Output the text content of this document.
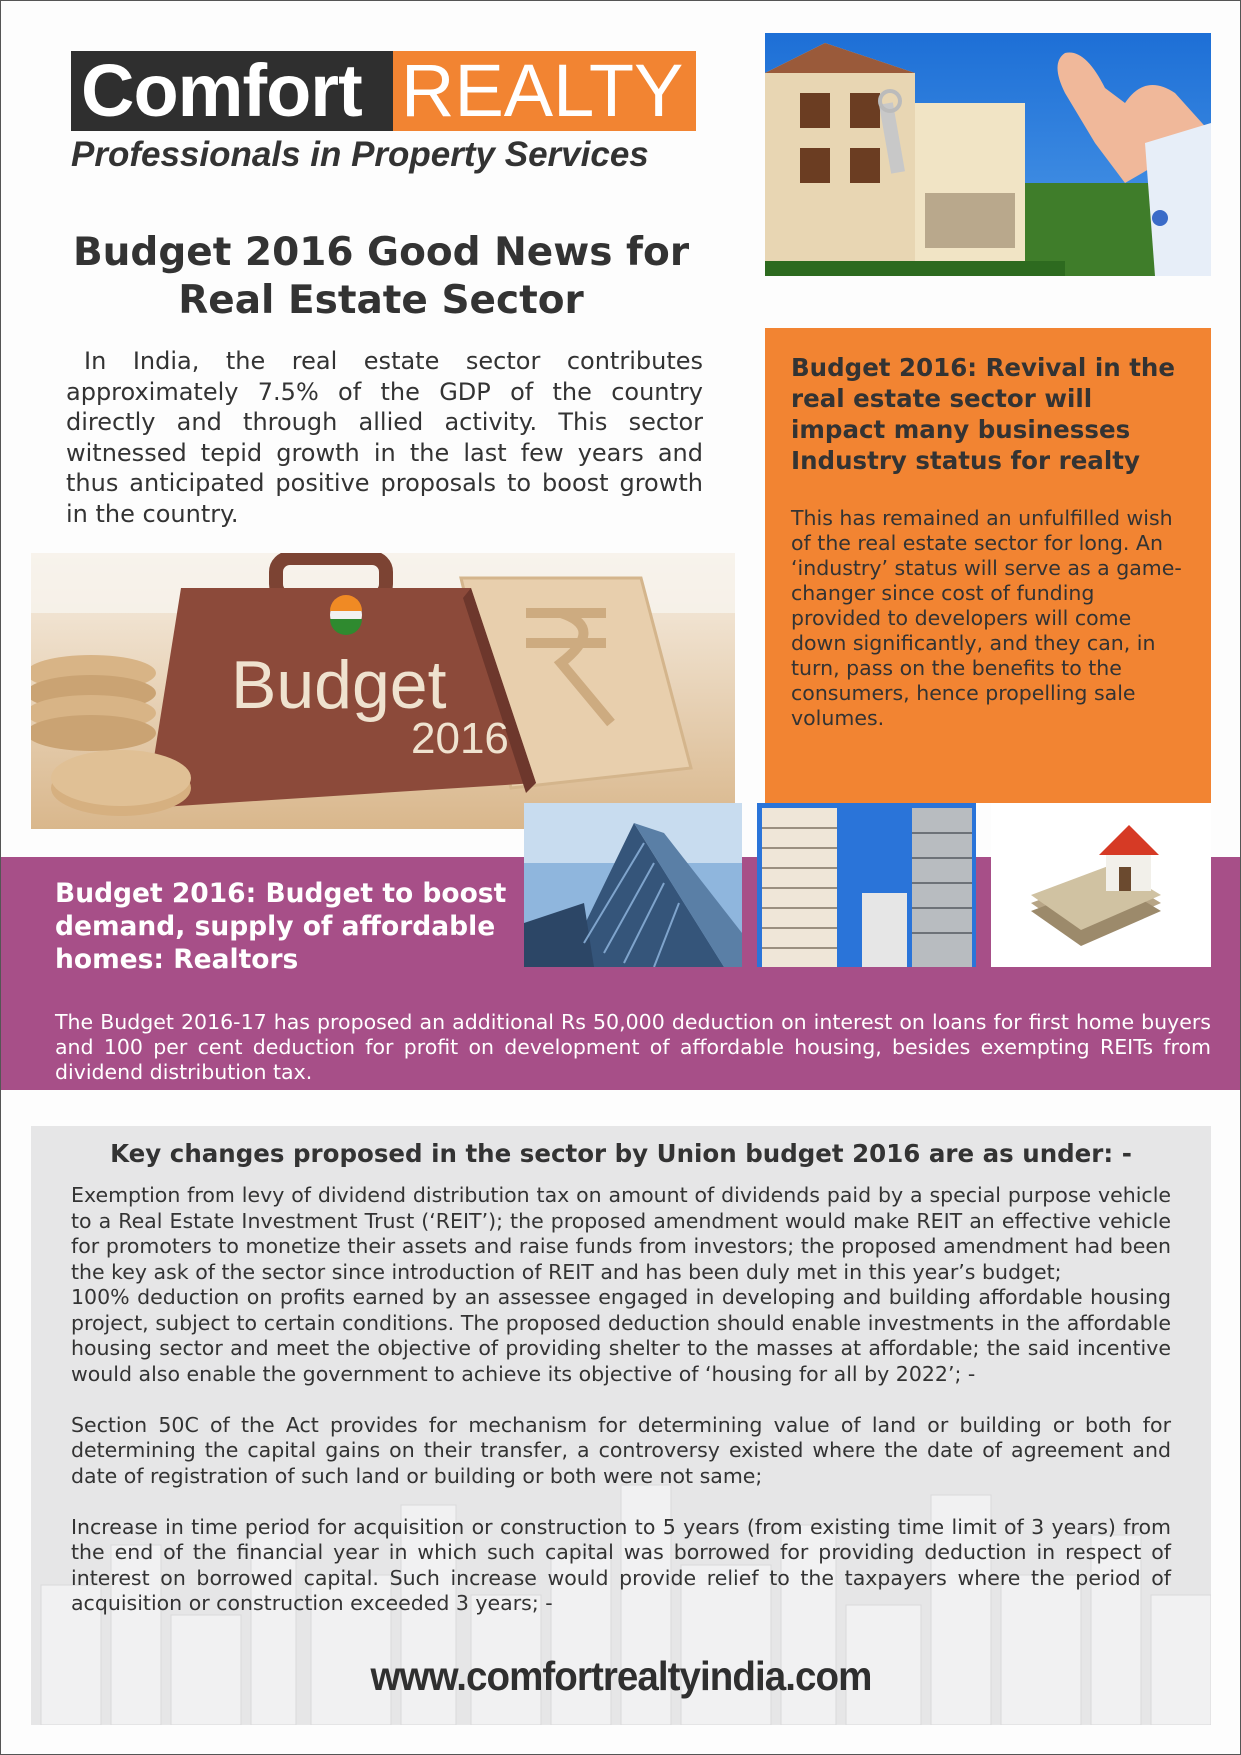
Comfort REALTY
Professionals in Property Services
Budget 2016 Good News for Real Estate Sector
In India, the real estate sector contributes approximately 7.5% of the GDP of the country directly and through allied activity. This sector witnessed tepid growth in the last few years and thus anticipated positive proposals to boost growth in the country.
Budget
2016
Budget 2016: Revival in the real estate sector will impact many businesses Industry status for realty
This has remained an unfulfilled wish of the real estate sector for long. An ‘industry’ status will serve as a game-changer since cost of funding provided to developers will come down significantly, and they can, in turn, pass on the benefits to the consumers, hence propelling sale volumes.
Budget 2016: Budget to boost demand, supply of affordable homes: Realtors
The Budget 2016-17 has proposed an additional Rs 50,000 deduction on interest on loans for first home buyers and 100 per cent deduction for profit on development of affordable housing, besides exempting REITs from dividend distribution tax.
Key changes proposed in the sector by Union budget 2016 are as under: -

Exemption from levy of dividend distribution tax on amount of dividends paid by a special purpose vehicle to a Real Estate Investment Trust (‘REIT’); the proposed amendment would make REIT an effective vehicle for promoters to monetize their assets and raise funds from investors; the proposed amendment had been the key ask of the sector since introduction of REIT and has been duly met in this year’s budget;

100% deduction on profits earned by an assessee engaged in developing and building affordable housing project, subject to certain conditions. The proposed deduction should enable investments in the affordable housing sector and meet the objective of providing shelter to the masses at affordable; the said incentive would also enable the government to achieve its objective of ‘housing for all by 2022’; -

Section 50C of the Act provides for mechanism for determining value of land or building or both for determining the capital gains on their transfer, a controversy existed where the date of agreement and date of registration of such land or building or both were not same;

Increase in time period for acquisition or construction to 5 years (from existing time limit of 3 years) from the end of the financial year in which such capital was borrowed for providing deduction in respect of interest on borrowed capital. Such increase would provide relief to the taxpayers where the period of acquisition or construction exceeded 3 years; -

www.comfortrealtyindia.com
